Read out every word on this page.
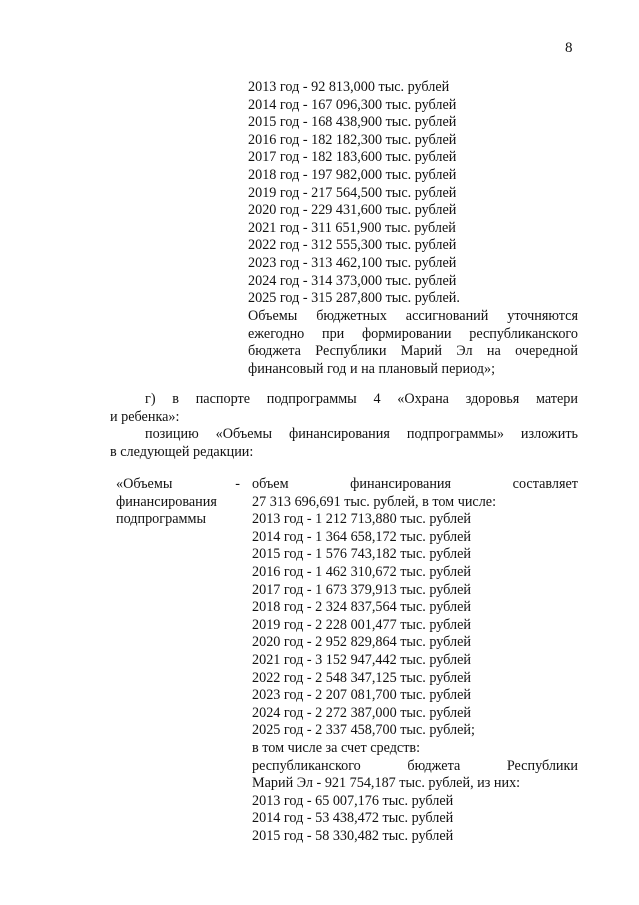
8
2013 год - 92 813,000 тыс. рублей
2014 год - 167 096,300 тыс. рублей
2015 год - 168 438,900 тыс. рублей
2016 год - 182 182,300 тыс. рублей
2017 год - 182 183,600 тыс. рублей
2018 год - 197 982,000 тыс. рублей
2019 год - 217 564,500 тыс. рублей
2020 год - 229 431,600 тыс. рублей
2021 год - 311 651,900 тыс. рублей
2022 год - 312 555,300 тыс. рублей
2023 год - 313 462,100 тыс. рублей
2024 год - 314 373,000 тыс. рублей
2025 год - 315 287,800 тыс. рублей.
Объемы бюджетных ассигнований уточняются
ежегодно при формировании республиканского
бюджета Республики Марий Эл на очередной
финансовый год и на плановый период»;
г) в паспорте подпрограммы 4 «Охрана здоровья матери
и ребенка»:
позицию «Объемы финансирования подпрограммы» изложить
в следующей редакции:
«Объемы -
финансирования
подпрограммы
объем финансирования составляет
27 313 696,691 тыс. рублей, в том числе:
2013 год - 1 212 713,880 тыс. рублей
2014 год - 1 364 658,172 тыс. рублей
2015 год - 1 576 743,182 тыс. рублей
2016 год - 1 462 310,672 тыс. рублей
2017 год - 1 673 379,913 тыс. рублей
2018 год - 2 324 837,564 тыс. рублей
2019 год - 2 228 001,477 тыс. рублей
2020 год - 2 952 829,864 тыс. рублей
2021 год - 3 152 947,442 тыс. рублей
2022 год - 2 548 347,125 тыс. рублей
2023 год - 2 207 081,700 тыс. рублей
2024 год - 2 272 387,000 тыс. рублей
2025 год - 2 337 458,700 тыс. рублей;
в том числе за счет средств:
республиканского бюджета Республики
Марий Эл - 921 754,187 тыс. рублей, из них:
2013 год - 65 007,176 тыс. рублей
2014 год - 53 438,472 тыс. рублей
2015 год - 58 330,482 тыс. рублей
